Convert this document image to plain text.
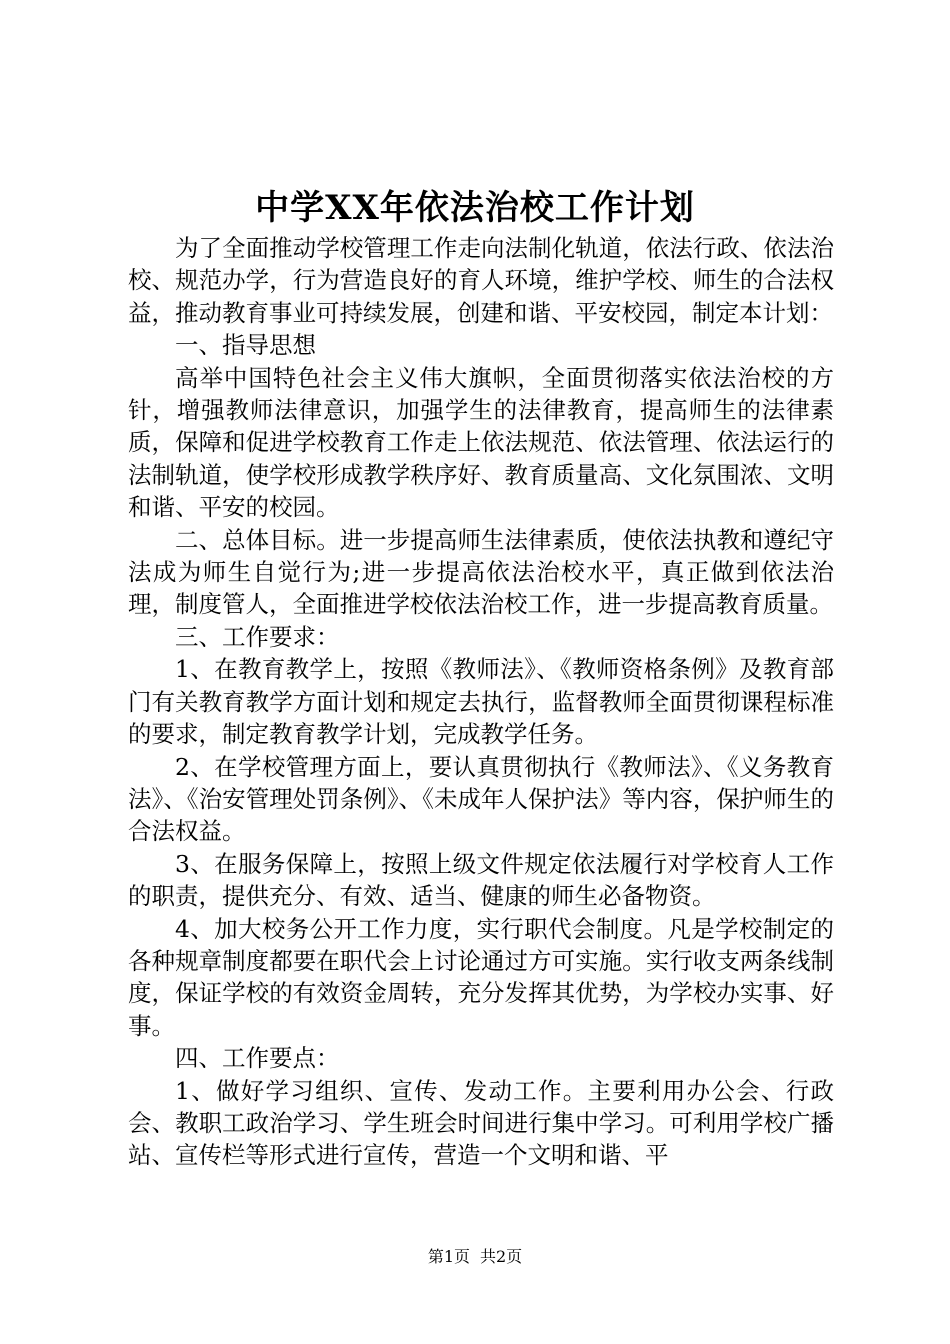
中学XX年依法治校工作计划

为了全面推动学校管理工作走向法制化轨道，依法行政、依法治校、规范办学，行为营造良好的育人环境，维护学校、师生的合法权益，推动教育事业可持续发展，创建和谐、平安校园，制定本计划：

一、指导思想

高举中国特色社会主义伟大旗帜，全面贯彻落实依法治校的方针，增强教师法律意识，加强学生的法律教育，提高师生的法律素质，保障和促进学校教育工作走上依法规范、依法管理、依法运行的法制轨道，使学校形成教学秩序好、教育质量高、文化氛围浓、文明和谐、平安的校园。

二、总体目标。进一步提高师生法律素质，使依法执教和遵纪守法成为师生自觉行为;进一步提高依法治校水平，真正做到依法治理，制度管人，全面推进学校依法治校工作，进一步提高教育质量。

三、工作要求：

1、在教育教学上，按照《教师法》、《教师资格条例》及教育部门有关教育教学方面计划和规定去执行，监督教师全面贯彻课程标准的要求，制定教育教学计划，完成教学任务。

2、在学校管理方面上，要认真贯彻执行《教师法》、《义务教育法》、《治安管理处罚条例》、《未成年人保护法》等内容，保护师生的合法权益。

3、在服务保障上，按照上级文件规定依法履行对学校育人工作的职责，提供充分、有效、适当、健康的师生必备物资。

4、加大校务公开工作力度，实行职代会制度。凡是学校制定的各种规章制度都要在职代会上讨论通过方可实施。实行收支两条线制度，保证学校的有效资金周转，充分发挥其优势，为学校办实事、好事。

四、工作要点：

1、做好学习组织、宣传、发动工作。主要利用办公会、行政会、教职工政治学习、学生班会时间进行集中学习。可利用学校广播站、宣传栏等形式进行宣传，营造一个文明和谐、平

第1页 共2页
